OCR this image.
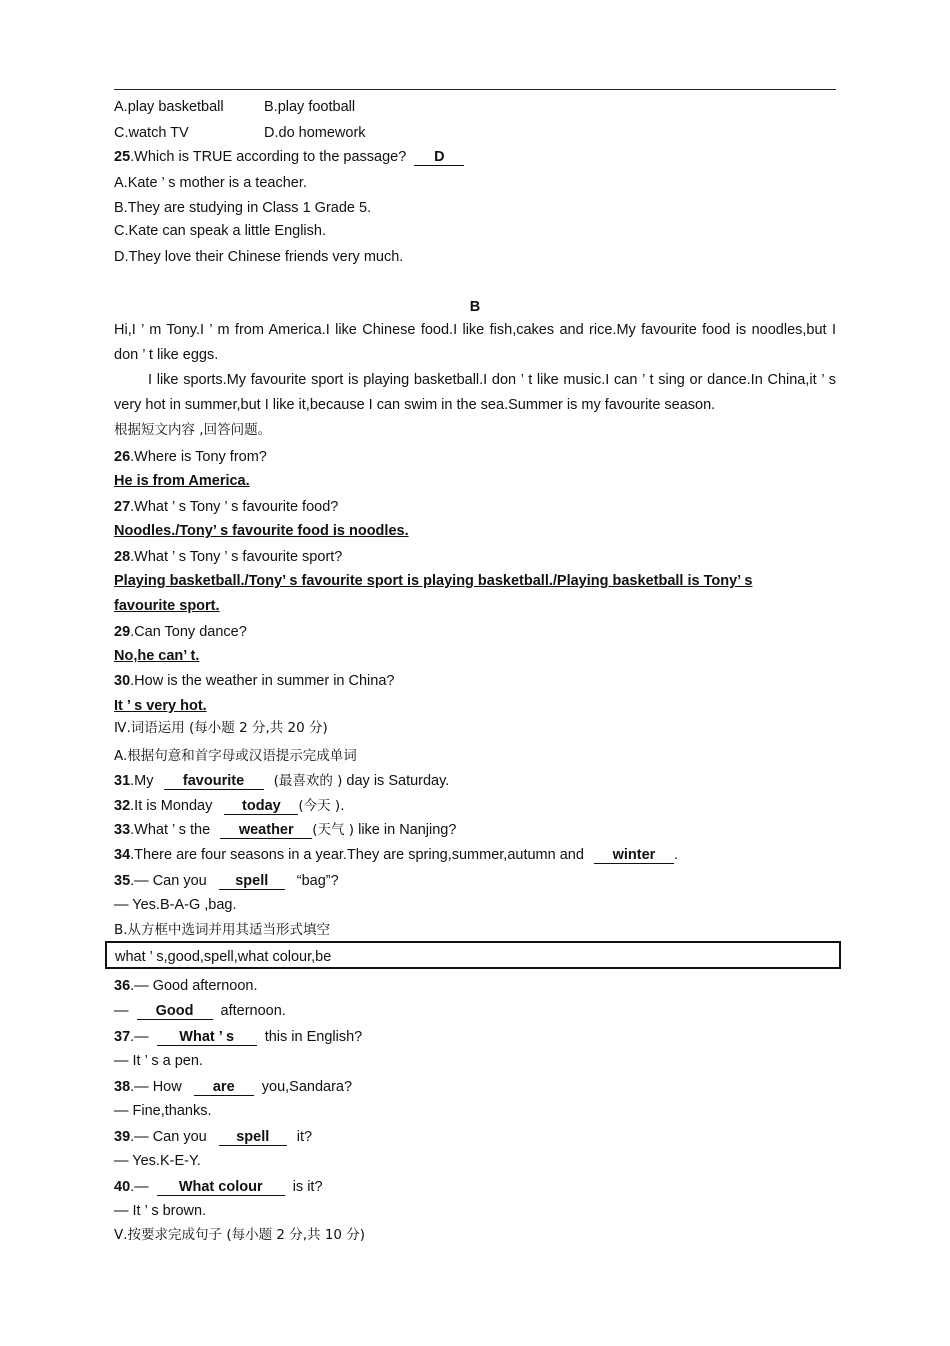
A.play basketball	B.play football
C.watch TV	D.do homework
25.Which is TRUE according to the passage? D
A.Kate ’ s mother is a teacher.
B.They are studying in Class 1 Grade 5.
C.Kate can speak a little English.
D.They love their Chinese friends very much.
B
Hi,I ’ m Tony.I ’ m from America.I like Chinese food.I like fish,cakes and rice.My favourite food is noodles,but I don ’ t like eggs.
I like sports.My favourite sport is playing basketball.I don ’ t like music.I can ’ t sing or dance.In China,it ’ s very hot in summer,but I like it,because I can swim in the sea.Summer is my favourite season.
根据短文内容 ,回答问题。
26.Where is Tony from?
He is from America.
27.What ’ s Tony ’ s favourite food?
Noodles./Tony’ s favourite food is noodles.
28.What ’ s Tony ’ s favourite sport?
Playing basketball./Tony’ s favourite sport is playing basketball./Playing basketball is Tony’ s
favourite sport.
29.Can Tony dance?
No,he can’ t.
30.How is the weather in summer in China?
It ’ s very hot.
Ⅳ.词语运用 (每小题 2 分,共 20 分)
A.根据句意和首字母或汉语提示完成单词
31.My favourite (最喜欢的 ) day is Saturday.
32.It is Monday today (今天 ).
33.What ’ s the weather (天气 ) like in Nanjing?
34.There are four seasons in a year.They are spring,summer,autumn and winter .
35.— Can you spell “bag”?
— Yes.B-A-G ,bag.
B.从方框中选词并用其适当形式填空
what ’ s,good,spell,what colour,be
36.— Good afternoon.
— Good afternoon.
37.— What ’ s this in English?
— It ’ s a pen.
38.— How are you,Sandara?
— Fine,thanks.
39.— Can you spell it?
— Yes.K-E-Y.
40.— What colour is it?
— It ’ s brown.
Ⅴ.按要求完成句子 (每小题 2 分,共 10 分)
